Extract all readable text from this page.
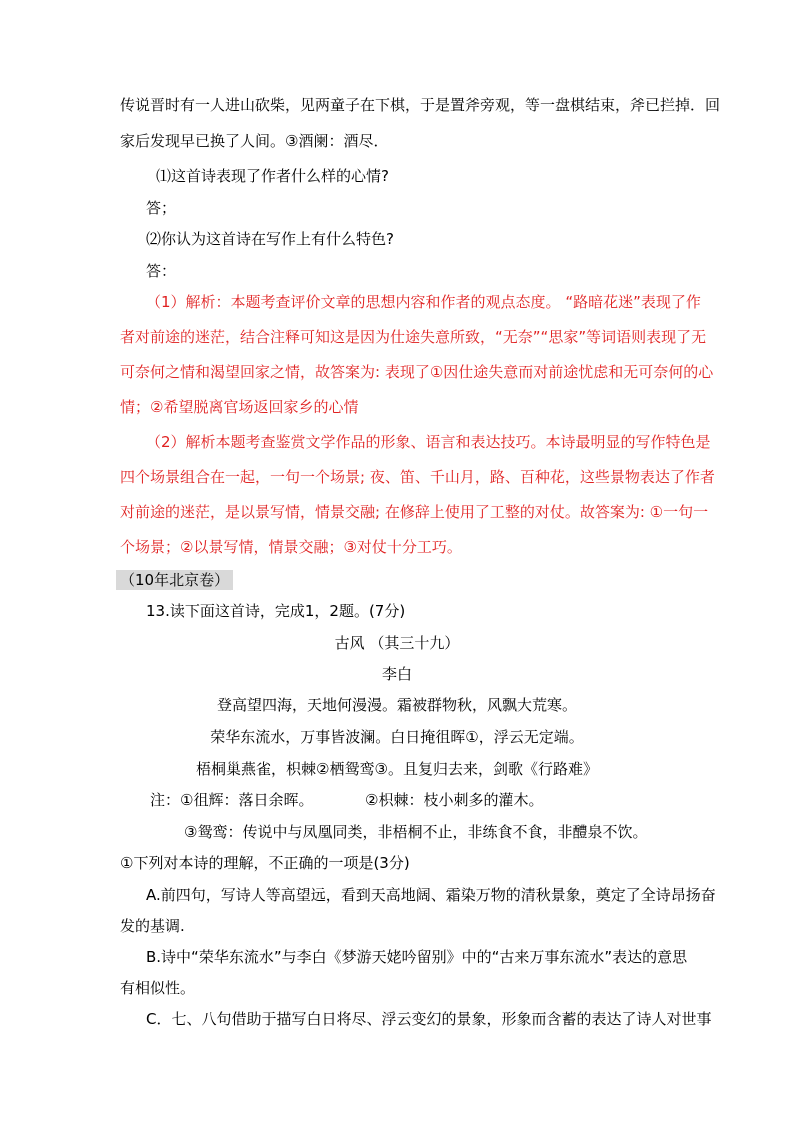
传说晋时有一人进山砍柴，见两童子在下棋，于是置斧旁观，等一盘棋结束，斧已拦掉．回
家后发现早已换了人间。③酒阑：酒尽．
⑴这首诗表现了作者什么样的心情?
答；
⑵你认为这首诗在写作上有什么特色?
答：
（1）解析：本题考查评价文章的思想内容和作者的观点态度。 “路暗花迷”表现了作
者对前途的迷茫，结合注释可知这是因为仕途失意所致，“无奈”“思家”等词语则表现了无
可奈何之情和渴望回家之情，故答案为: 表现了①因仕途失意而对前途忧虑和无可奈何的心
情；②希望脱离官场返回家乡的心情
（2）解析本题考查鉴赏文学作品的形象、语言和表达技巧。本诗最明显的写作特色是
四个场景组合在一起，一句一个场景; 夜、笛、千山月，路、百种花，这些景物表达了作者
对前途的迷茫，是以景写情，情景交融; 在修辞上使用了工整的对仗。故答案为: ①一句一
个场景；②以景写情，情景交融；③对仗十分工巧。
（10年北京卷）
13.读下面这首诗，完成1，2题。(7分)
古风 （其三十九）
李白
登高望四海，天地何漫漫。霜被群物秋，风飘大荒寒。
荣华东流水，万事皆波澜。白日掩徂晖①，浮云无定端。
梧桐巢燕雀，枳棘②栖鸳鸾③。且复归去来，剑歌《行路难》
注：①徂辉：落日余晖。	②枳棘：枝小刺多的灌木。
③鸳鸾：传说中与凤凰同类，非梧桐不止，非练食不食，非醴泉不饮。
①下列对本诗的理解，不正确的一项是(3分)
A.前四句，写诗人等高望远，看到天高地阔、霜染万物的清秋景象，奠定了全诗昂扬奋
发的基调.
B.诗中“荣华东流水”与李白《梦游天姥吟留别》中的“古来万事东流水”表达的意思
有相似性。
C．七、八句借助于描写白日将尽、浮云变幻的景象，形象而含蓄的表达了诗人对世事
